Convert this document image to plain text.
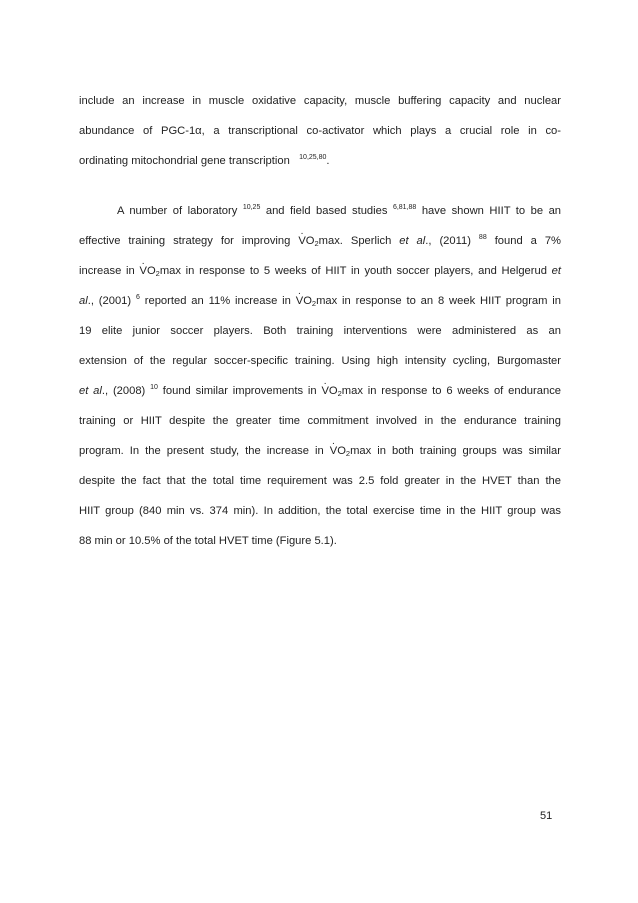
include an increase in muscle oxidative capacity, muscle buffering capacity and nuclear
abundance of PGC-1α, a transcriptional co-activator which plays a crucial role in co-
ordinating mitochondrial gene transcription $^{10,25,80}$.
A number of laboratory $^{10,25}$ and field based studies $^{6,81,88}$ have shown HIIT to be an
effective training strategy for improving $V \cdot O_2\max$. Sperlich et al., (2011) $^{88}$ found a 7%
increase in $V \cdot O_2\max$ in response to 5 weeks of HIIT in youth soccer players, and Helgerud et
al., (2001) $^6$ reported an 11% increase in $V \cdot O_2\max$ in response to an 8 week HIIT program in
19 elite junior soccer players. Both training interventions were administered as an
extension of the regular soccer-specific training. Using high intensity cycling, Burgomaster
et al., (2008) $^{10}$ found similar improvements in $V \cdot O_2\max$ in response to 6 weeks of endurance
training or HIIT despite the greater time commitment involved in the endurance training
program. In the present study, the increase in $V \cdot O_2\max$ in both training groups was similar
despite the fact that the total time requirement was 2.5 fold greater in the HVET than the
HIIT group (840 min vs. 374 min). In addition, the total exercise time in the HIIT group was
88 min or 10.5% of the total HVET time (Figure 5.1).
51
